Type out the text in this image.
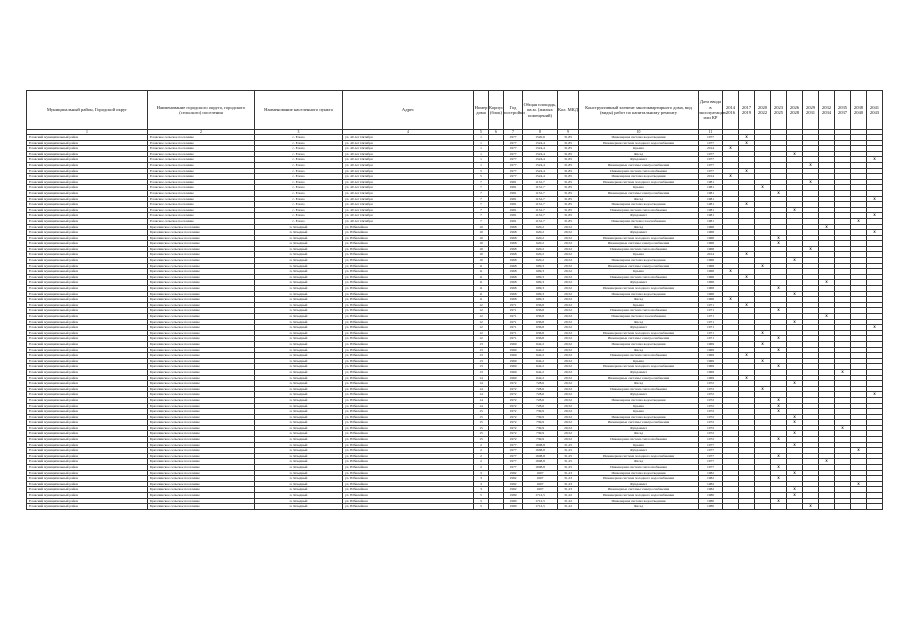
Муниципальный район, Городской округ	Наименование городского округа, городского (сельского) поселения	Наименование населенного пункта	Адрес	Номер дома	Корпус (блок)	Год постройки	Общая площадь, кв.м. (жилых помещений)	Кол. МКД	Конструктивный элемент многоквартирного дома, вид (виды) работ по капитальному ремонту	Дата ввода в эксплуатацию или КР	2014 2016	2017 2019	2020 2022	2023 2025	2026 2028	2029 2031	2032 2034	2035 2037	2038 2040	2041 2043
1	2	3	4	5	6	7	8	9	10	11										
Еловский муниципальный район	Еловское сельское поселение	с. Елово	ул. 40 лет Октября	1		1977	1520,6	31,85	Инженерная система водоотведения	1977		X								
Еловский муниципальный район	Еловское сельское поселение	с. Елово	ул. 40 лет Октября	1		1977	1524,4	31,85	Инженерная система холодного водоснабжения	1977		X								
Еловский муниципальный район	Еловское сельское поселение	с. Елово	ул. 40 лет Октября	1		1977	1524,4	31,85	Крыша	2014	X									
Еловский муниципальный район	Еловское сельское поселение	с. Елово	ул. 40 лет Октября	1		1977	1524,4	31,85	Фасад	1977					X					
Еловский муниципальный район	Еловское сельское поселение	с. Елово	ул. 40 лет Октября	1		1977	1524,4	31,85	Фундамент	1977										X
Еловский муниципальный район	Еловское сельское поселение	с. Елово	ул. 40 лет Октября	1		1977	1524,4	31,85	Инженерные системы электроснабжения	1977						X				
Еловский муниципальный район	Еловское сельское поселение	с. Елово	ул. 40 лет Октября	5		1977	1524,4	31,85	Инженерная система теплоснабжения	1977		X								
Еловский муниципальный район	Еловское сельское поселение	с. Елово	ул. 40 лет Октября	5		1977	1524,4	31,85	Инженерная система водоотведения	2014	X									
Еловский муниципальный район	Еловское сельское поселение	с. Елово	ул. 40 лет Октября	7		1981	1152,7	31,85	Инженерная система холодного водоснабжения	1981						X				
Еловский муниципальный район	Еловское сельское поселение	с. Елово	ул. 40 лет Октября	7		1981	1152,7	31,85	Крыша	1981			X							
Еловский муниципальный район	Еловское сельское поселение	с. Елово	ул. 40 лет Октября	7		1981	1152,7	31,85	Инженерные системы электроснабжения	1981				X						
Еловский муниципальный район	Еловское сельское поселение	с. Елово	ул. 40 лет Октября	7		1981	1152,7	31,85	Фасад	1981										X
Еловский муниципальный район	Еловское сельское поселение	с. Елово	ул. 40 лет Октября	7		1981	1152,7	31,85	Инженерная система водоотведения	1981		X								
Еловский муниципальный район	Еловское сельское поселение	с. Елово	ул. 40 лет Октября	7		1981	1152,7	31,85	Инженерная система теплоснабжения	1981					X					
Еловский муниципальный район	Еловское сельское поселение	с. Елово	ул. 40 лет Октября	7		1981	1152,7	31,85	Фундамент	1981										X
Еловский муниципальный район	Еловское сельское поселение	с. Елово	ул. 40 лет Октября	7		1981	1152,7	31,85	Инженерная система газоснабжения	1981									X	
Еловский муниципальный район	Брюзлинское сельское поселение	п. Ясыдный	ул. Юбилейная	10		1968	620,2	29,52	Фасад	1968							X			
Еловский муниципальный район	Брюзлинское сельское поселение	п. Ясыдный	ул. Юбилейная	10		1968	620,2	29,52	Фундамент	1968										X
Еловский муниципальный район	Брюзлинское сельское поселение	п. Ясыдный	ул. Юбилейная	10		1968	620,2	29,52	Инженерная система холодного водоснабжения	1968				X						
Еловский муниципальный район	Брюзлинское сельское поселение	п. Ясыдный	ул. Юбилейная	10		1968	620,2	29,52	Инженерные системы электроснабжения	1968				X						
Еловский муниципальный район	Брюзлинское сельское поселение	п. Ясыдный	ул. Юбилейная	10		1968	620,2	29,52	Инженерная система теплоснабжения	1968						X				
Еловский муниципальный район	Брюзлинское сельское поселение	п. Ясыдный	ул. Юбилейная	10		1968	620,2	29,52	Крыша	2014		X								
Еловский муниципальный район	Брюзлинское сельское поселение	п. Ясыдный	ул. Юбилейная	10		1968	620,2	29,52	Инженерная система водоотведения	1968					X					
Еловский муниципальный район	Брюзлинское сельское поселение	п. Ясыдный	ул. Юбилейная	11		1968	609,3	29,52	Инженерные системы электроснабжения	1968			X							
Еловский муниципальный район	Брюзлинское сельское поселение	п. Ясыдный	ул. Юбилейная	11		1968	609,3	29,52	Крыша	1968	X									
Еловский муниципальный район	Брюзлинское сельское поселение	п. Ясыдный	ул. Юбилейная	11		1968	609,3	29,52	Инженерная система теплоснабжения	1968		X								
Еловский муниципальный район	Брюзлинское сельское поселение	п. Ясыдный	ул. Юбилейная	11		1968	609,3	29,52	Фундамент	1968							X			
Еловский муниципальный район	Брюзлинское сельское поселение	п. Ясыдный	ул. Юбилейная	11		1968	609,3	29,52	Инженерная система холодного водоснабжения	1968				X						
Еловский муниципальный район	Брюзлинское сельское поселение	п. Ясыдный	ул. Юбилейная	11		1968	609,3	29,52	Инженерная система водоотведения	1968					X					
Еловский муниципальный район	Брюзлинское сельское поселение	п. Ясыдный	ул. Юбилейная	11		1968	609,3	29,52	Фасад	1968	X									
Еловский муниципальный район	Брюзлинское сельское поселение	п. Ясыдный	ул. Юбилейная	12		1971	636,8	29,52	Крыша	1971		X								
Еловский муниципальный район	Брюзлинское сельское поселение	п. Ясыдный	ул. Юбилейная	12		1971	636,8	29,52	Инженерная система теплоснабжения	1971				X						
Еловский муниципальный район	Брюзлинское сельское поселение	п. Ясыдный	ул. Юбилейная	12		1971	636,8	29,52	Инженерная система газоснабжения	1971							X			
Еловский муниципальный район	Брюзлинское сельское поселение	п. Ясыдный	ул. Юбилейная	12		1971	636,8	29,52	Фасад	1971					X					
Еловский муниципальный район	Брюзлинское сельское поселение	п. Ясыдный	ул. Юбилейная	12		1971	636,8	29,52	Фундамент	1971										X
Еловский муниципальный район	Брюзлинское сельское поселение	п. Ясыдный	ул. Юбилейная	12		1971	636,8	29,52	Инженерная система холодного водоснабжения	1971			X							
Еловский муниципальный район	Брюзлинское сельское поселение	п. Ясыдный	ул. Юбилейная	12		1971	636,8	29,52	Инженерные системы электроснабжения	1971				X						
Еловский муниципальный район	Брюзлинское сельское поселение	п. Ясыдный	ул. Юбилейная	13		1969	642,2	29,52	Инженерная система водоотведения	1969			X							
Еловский муниципальный район	Брюзлинское сельское поселение	п. Ясыдный	ул. Юбилейная	13		1969	642,2	29,52	Фасад	1969				X						
Еловский муниципальный район	Брюзлинское сельское поселение	п. Ясыдный	ул. Юбилейная	13		1969	642,2	29,52	Инженерная система теплоснабжения	1969		X								
Еловский муниципальный район	Брюзлинское сельское поселение	п. Ясыдный	ул. Юбилейная	13		1969	642,2	29,52	Крыша	1969			X							
Еловский муниципальный район	Брюзлинское сельское поселение	п. Ясыдный	ул. Юбилейная	13		1969	642,2	29,52	Инженерная система холодного водоснабжения	1969				X						
Еловский муниципальный район	Брюзлинское сельское поселение	п. Ясыдный	ул. Юбилейная	13		1969	642,2	29,52	Фундамент	1969								X		
Еловский муниципальный район	Брюзлинское сельское поселение	п. Ясыдный	ул. Юбилейная	14		1969	642,2	29,52	Инженерные системы электроснабжения	1969		X								
Еловский муниципальный район	Брюзлинское сельское поселение	п. Ясыдный	ул. Юбилейная	14		1972	728,6	29,52	Фасад	1972					X					
Еловский муниципальный район	Брюзлинское сельское поселение	п. Ясыдный	ул. Юбилейная	14		1972	728,6	29,52	Инженерная система теплоснабжения	1972			X							
Еловский муниципальный район	Брюзлинское сельское поселение	п. Ясыдный	ул. Юбилейная	14		1972	728,6	29,52	Фундамент	1972										X
Еловский муниципальный район	Брюзлинское сельское поселение	п. Ясыдный	ул. Юбилейная	14		1972	728,6	29,52	Инженерная система водоотведения	1972				X						
Еловский муниципальный район	Брюзлинское сельское поселение	п. Ясыдный	ул. Юбилейная	14		1972	728,6	29,52	Крыша	1972				X						
Еловский муниципальный район	Брюзлинское сельское поселение	п. Ясыдный	ул. Юбилейная	15		1972	739,9	29,52	Крыша	1972				X						
Еловский муниципальный район	Брюзлинское сельское поселение	п. Ясыдный	ул. Юбилейная	15		1972	739,9	29,52	Инженерная система водоотведения	1972					X					
Еловский муниципальный район	Брюзлинское сельское поселение	п. Ясыдный	ул. Юбилейная	15		1972	739,9	29,52	Инженерные системы электроснабжения	1972					X					
Еловский муниципальный район	Брюзлинское сельское поселение	п. Ясыдный	ул. Юбилейная	15		1972	739,9	29,52	Фундамент	1972								X		
Еловский муниципальный район	Брюзлинское сельское поселение	п. Ясыдный	ул. Юбилейная	15		1972	739,9	29,52	Фасад	1972					X					
Еловский муниципальный район	Брюзлинское сельское поселение	п. Ясыдный	ул. Юбилейная	15		1972	739,9	29,52	Инженерная система теплоснабжения	1972				X						
Еловский муниципальный район	Брюзлинское сельское поселение	п. Ясыдный	ул. Юбилейная	2		1977	1608,8	31,25	Крыша	1977					X					
Еловский муниципальный район	Брюзлинское сельское поселение	п. Ясыдный	ул. Юбилейная	2		1977	1608,8	31,25	Фундамент	1977									X	
Еловский муниципальный район	Брюзлинское сельское поселение	п. Ясыдный	ул. Юбилейная	2		1977	1608,8	31,25	Инженерная система холодного водоснабжения	1977				X						
Еловский муниципальный район	Брюзлинское сельское поселение	п. Ясыдный	ул. Юбилейная	2		1977	1608,8	31,25	Фасад	1977							X			
Еловский муниципальный район	Брюзлинское сельское поселение	п. Ясыдный	ул. Юбилейная	2		1977	1608,8	31,25	Инженерная система теплоснабжения	1977				X						
Еловский муниципальный район	Брюзлинское сельское поселение	п. Ясыдный	ул. Юбилейная	3		1982	1607	31,23	Инженерная система водоотведения	1982					X					
Еловский муниципальный район	Брюзлинское сельское поселение	п. Ясыдный	ул. Юбилейная	3		1982	1607	31,23	Инженерная система холодного водоснабжения	1982				X						
Еловский муниципальный район	Брюзлинское сельское поселение	п. Ясыдный	ул. Юбилейная	3		1982	1607	31,23	Фундамент	1982									X	
Еловский муниципальный район	Брюзлинское сельское поселение	п. Ясыдный	ул. Юбилейная	3		1982	1607	31,23	Инженерные системы электроснабжения	1982					X					
Еловский муниципальный район	Брюзлинское сельское поселение	п. Ясыдный	ул. Юбилейная	5		1980	1712,5	31,22	Инженерная система холодного водоснабжения	1980					X					
Еловский муниципальный район	Брюзлинское сельское поселение	п. Ясыдный	ул. Юбилейная	5		1980	1712,5	31,22	Инженерная система водоотведения	1980				X						
Еловский муниципальный район	Брюзлинское сельское поселение	п. Ясыдный	ул. Юбилейная	5		1980	1712,5	31,22	Фасад	1980						X				
